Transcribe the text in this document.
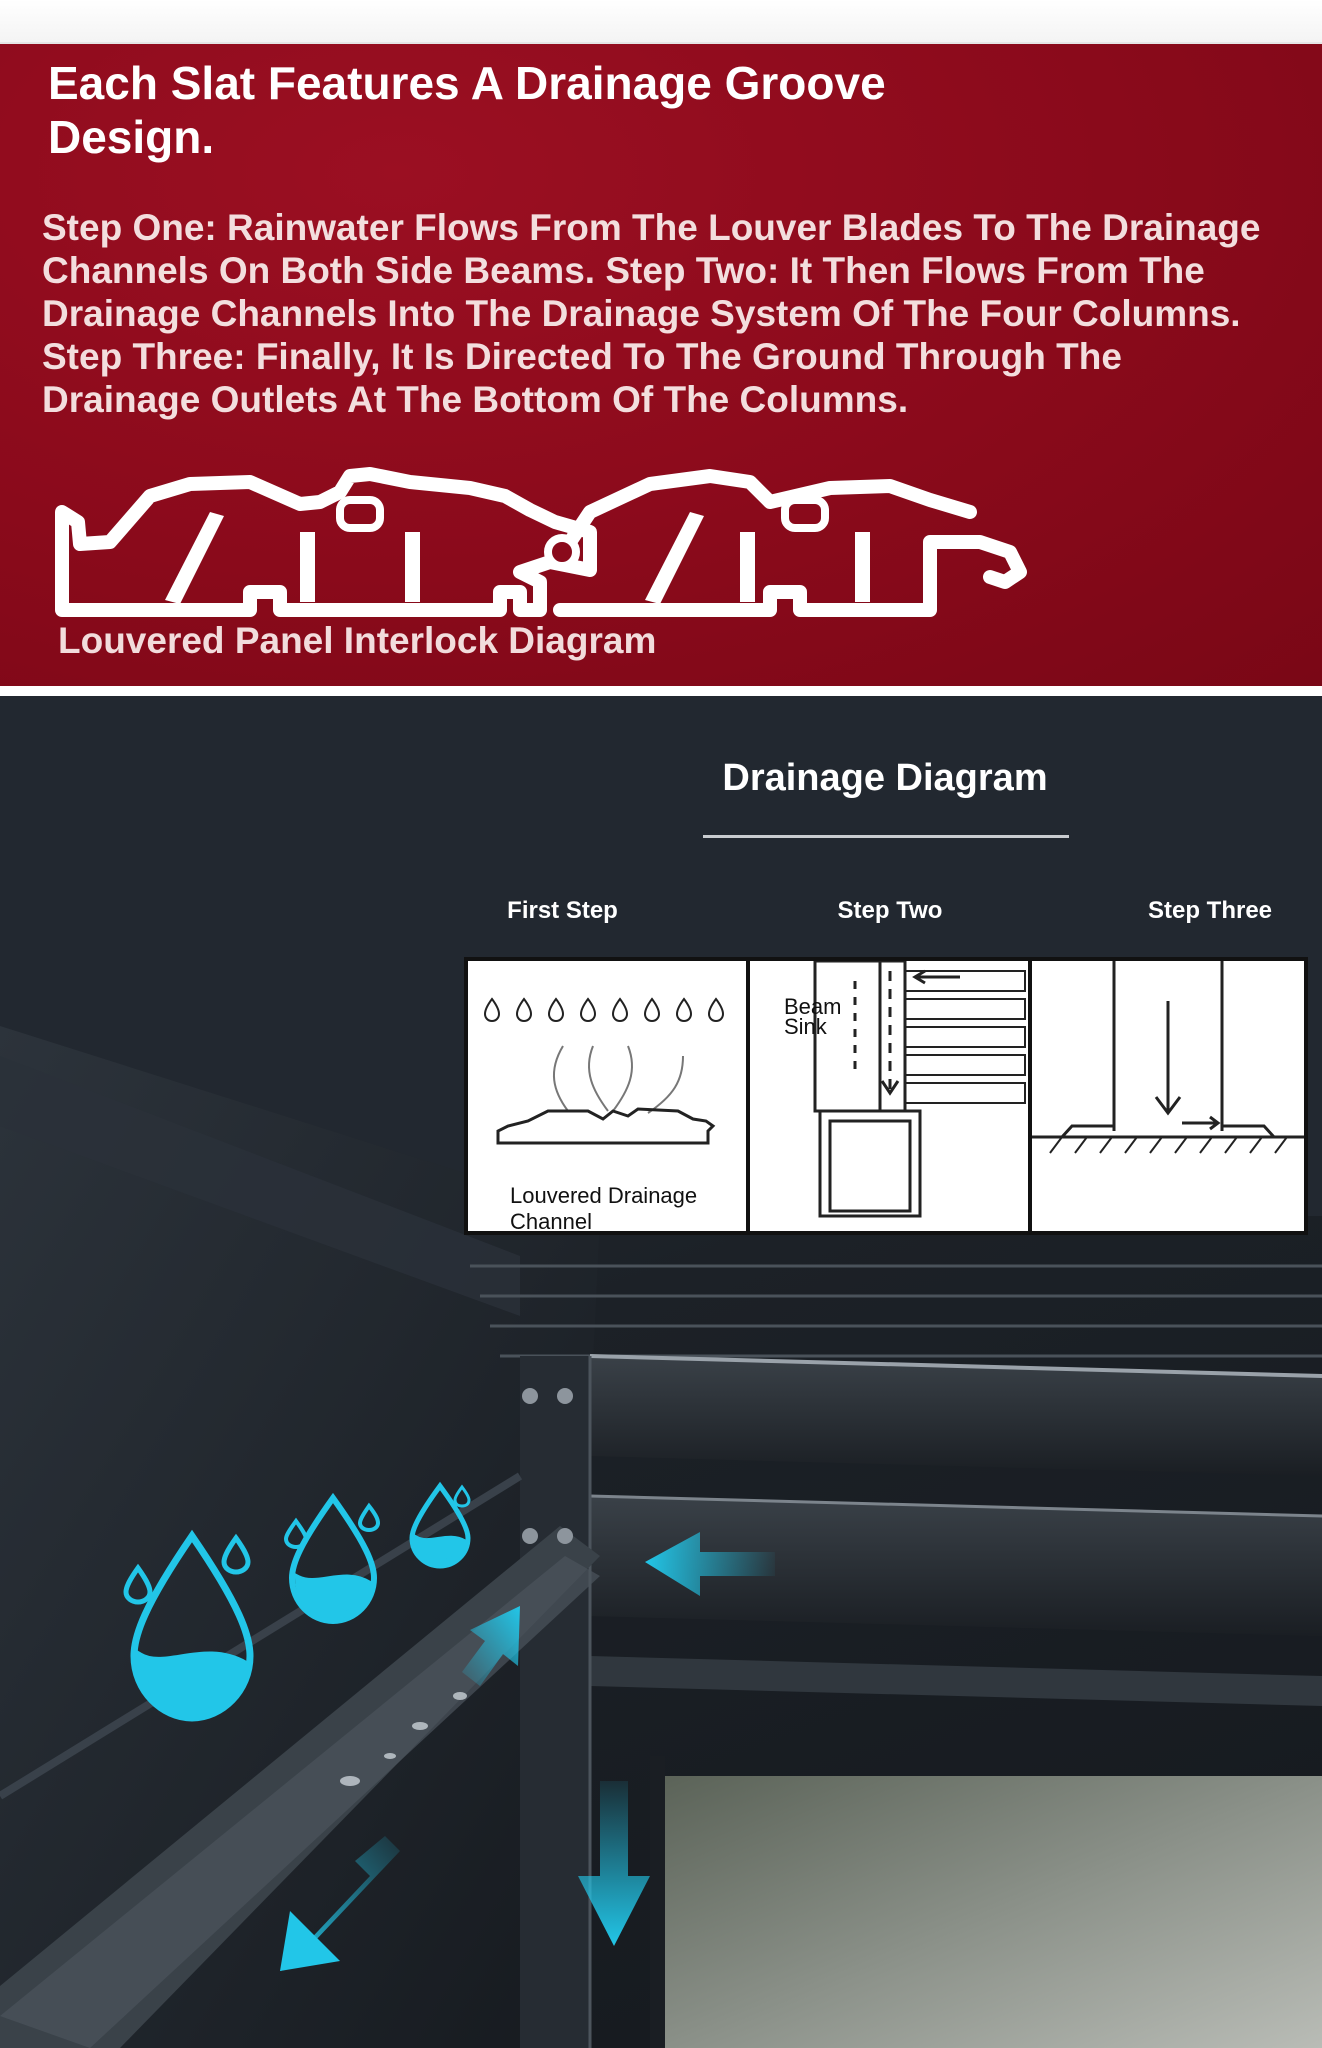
Each Slat Features A Drainage Groove Design.

Step One: Rainwater Flows From The Louver Blades To The Drainage Channels On Both Side Beams. Step Two: It Then Flows From The Drainage Channels Into The Drainage System Of The Four Columns. Step Three: Finally, It Is Directed To The Ground Through The Drainage Outlets At The Bottom Of The Columns.

Louvered Panel Interlock Diagram
Drainage Diagram
First Step	Step Two	Step Three
Louvered Drainage Channel
Beam
Sink
